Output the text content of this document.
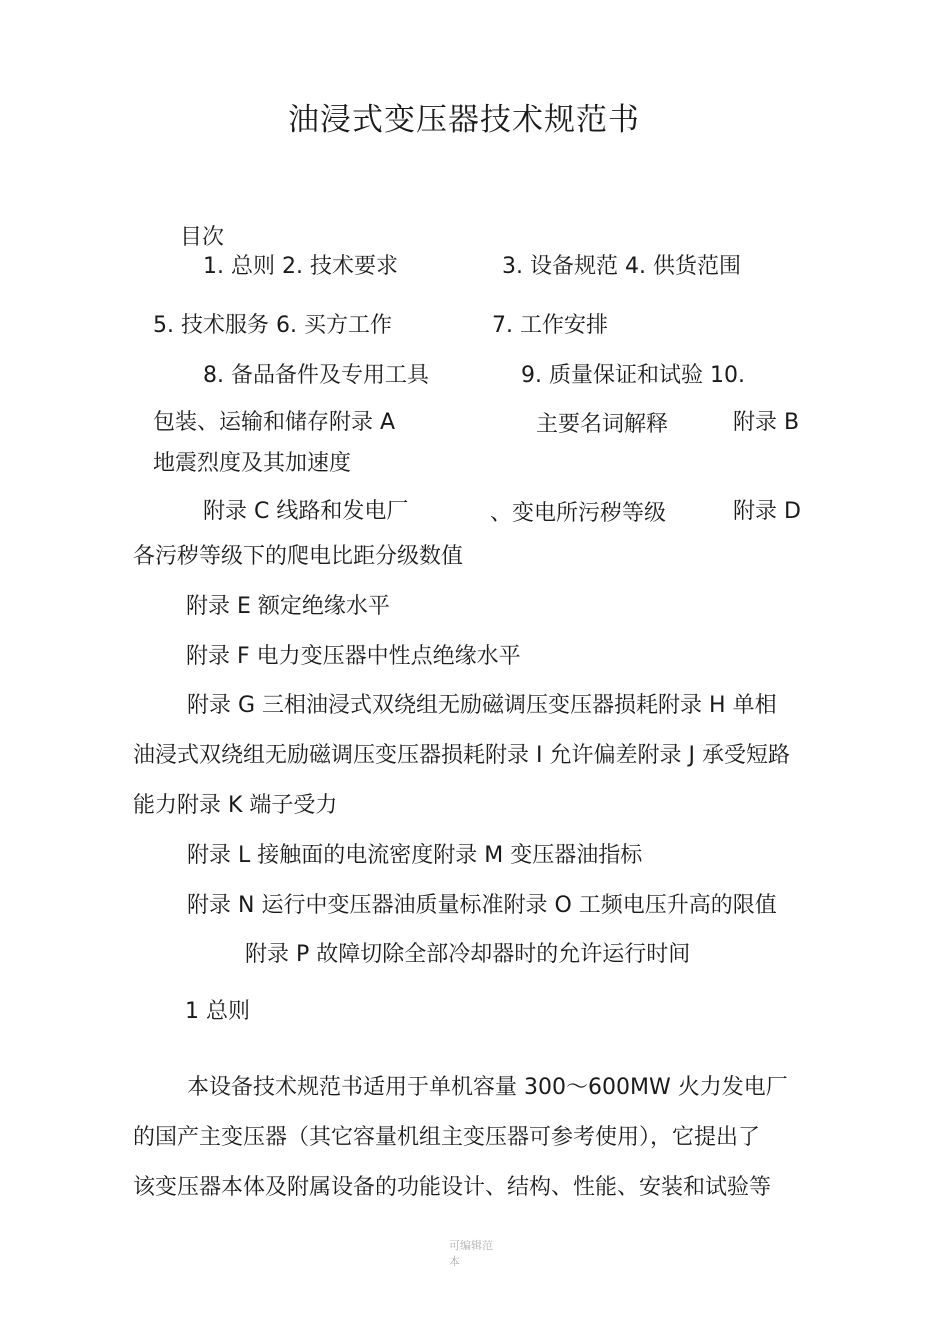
油浸式变压器技术规范书
目次
1. 总则 2. 技术要求	3. 设备规范 4. 供货范围
5. 技术服务 6. 买方工作	7. 工作安排
8. 备品备件及专用工具	9. 质量保证和试验 10.
包装、运输和储存附录 A	主要名词解释	附录 B
地震烈度及其加速度
附录 C 线路和发电厂	、变电所污秽等级	附录 D
各污秽等级下的爬电比距分级数值
附录 E 额定绝缘水平
附录 F 电力变压器中性点绝缘水平
附录 G 三相油浸式双绕组无励磁调压变压器损耗附录 H 单相
油浸式双绕组无励磁调压变压器损耗附录 I 允许偏差附录 J 承受短路
能力附录 K 端子受力
附录 L 接触面的电流密度附录 M 变压器油指标
附录 N 运行中变压器油质量标准附录 O 工频电压升高的限值
附录 P 故障切除全部冷却器时的允许运行时间
1 总则
本设备技术规范书适用于单机容量 300～600MW 火力发电厂
的国产主变压器（其它容量机组主变压器可参考使用），它提出了
该变压器本体及附属设备的功能设计、结构、性能、安装和试验等
可编辑范
本
